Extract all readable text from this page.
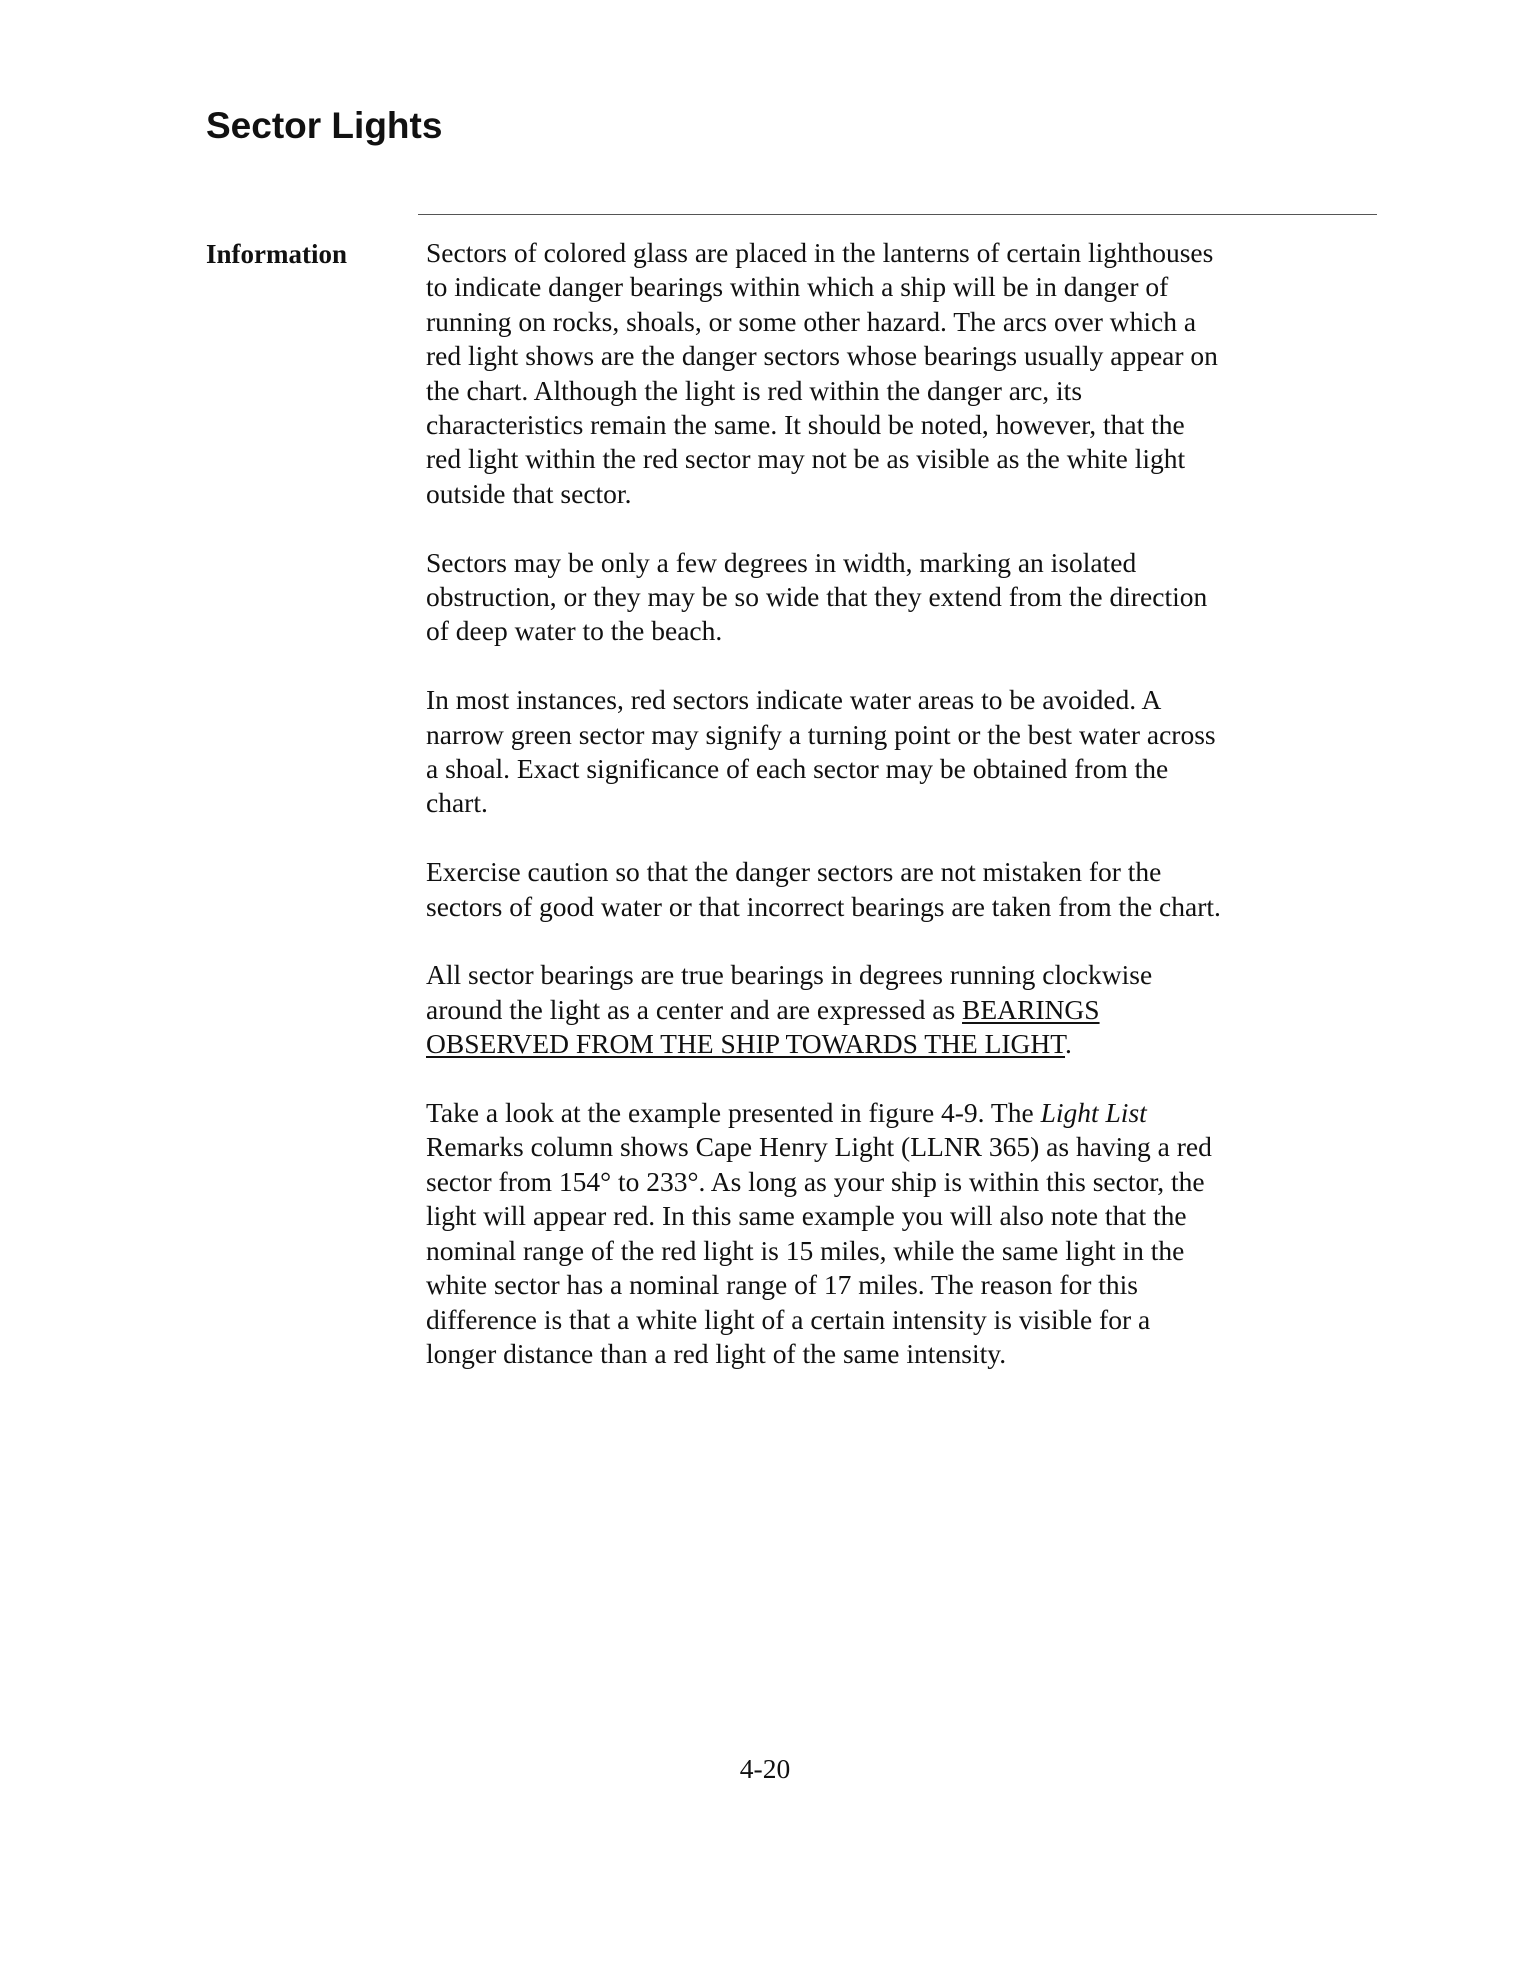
Sector Lights
Information	Sectors of colored glass are placed in the lanterns of certain lighthouses
to indicate danger bearings within which a ship will be in danger of
running on rocks, shoals, or some other hazard. The arcs over which a
red light shows are the danger sectors whose bearings usually appear on
the chart. Although the light is red within the danger arc, its
characteristics remain the same. It should be noted, however, that the
red light within the red sector may not be as visible as the white light
outside that sector.

Sectors may be only a few degrees in width, marking an isolated
obstruction, or they may be so wide that they extend from the direction
of deep water to the beach.

In most instances, red sectors indicate water areas to be avoided. A
narrow green sector may signify a turning point or the best water across
a shoal. Exact significance of each sector may be obtained from the
chart.

Exercise caution so that the danger sectors are not mistaken for the
sectors of good water or that incorrect bearings are taken from the chart.

All sector bearings are true bearings in degrees running clockwise
around the light as a center and are expressed as BEARINGS
OBSERVED FROM THE SHIP TOWARDS THE LIGHT.

Take a look at the example presented in figure 4-9. The Light List
Remarks column shows Cape Henry Light (LLNR 365) as having a red
sector from 154° to 233°. As long as your ship is within this sector, the
light will appear red. In this same example you will also note that the
nominal range of the red light is 15 miles, while the same light in the
white sector has a nominal range of 17 miles. The reason for this
difference is that a white light of a certain intensity is visible for a
longer distance than a red light of the same intensity.

4-20
